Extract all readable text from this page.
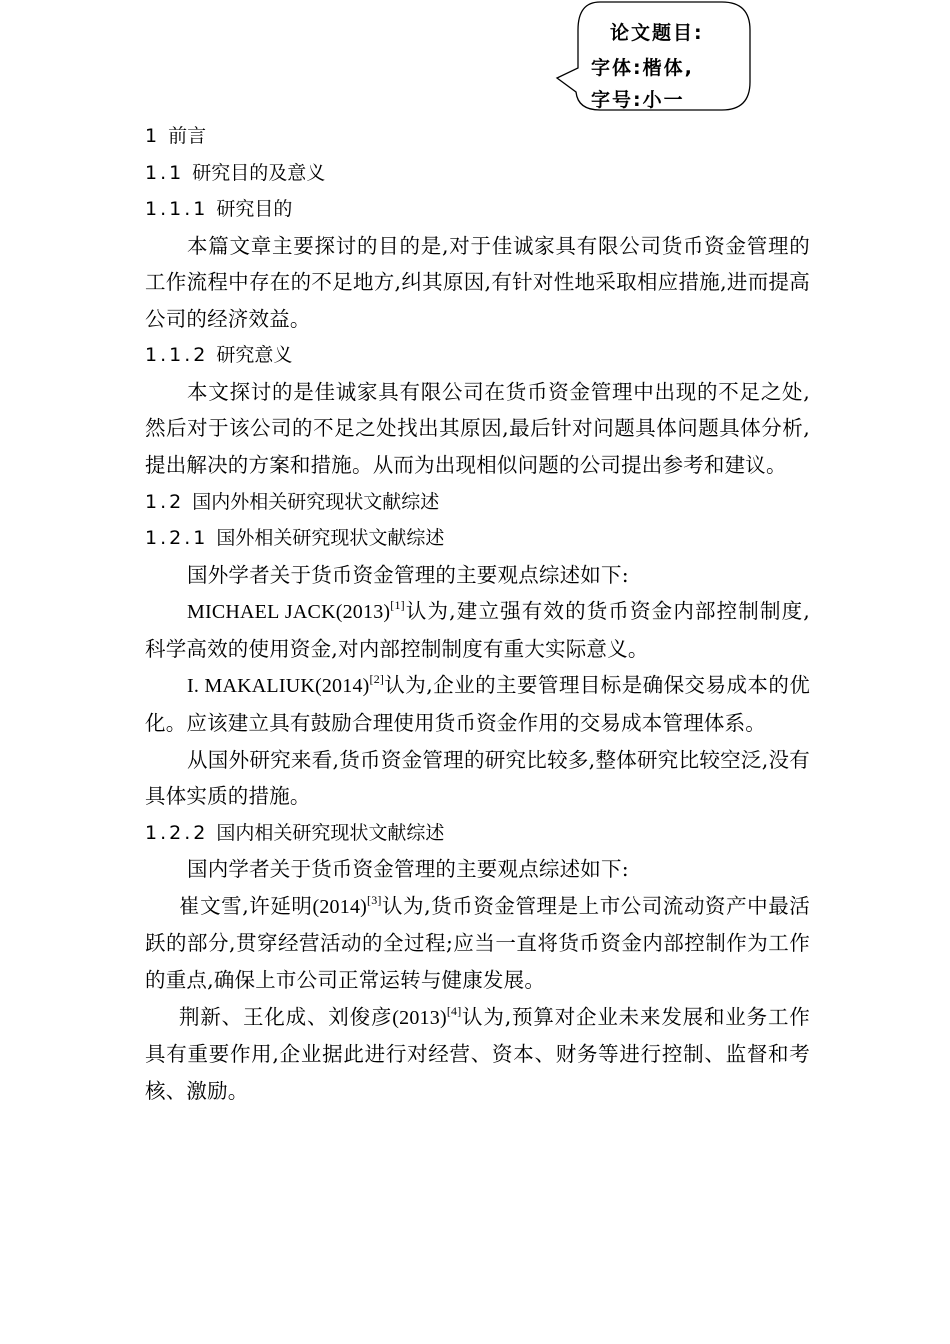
论文题目:
字体:楷体,
字号:小一
1 前言
1.1 研究目的及意义
1.1.1 研究目的
本篇文章主要探讨的目的是,对于佳诚家具有限公司货币资金管理的工作流程中存在的不足地方,纠其原因,有针对性地采取相应措施,进而提高公司的经济效益。
1.1.2 研究意义
本文探讨的是佳诚家具有限公司在货币资金管理中出现的不足之处,然后对于该公司的不足之处找出其原因,最后针对问题具体问题具体分析,提出解决的方案和措施。从而为出现相似问题的公司提出参考和建议。
1.2 国内外相关研究现状文献综述
1.2.1 国外相关研究现状文献综述
国外学者关于货币资金管理的主要观点综述如下:
MICHAEL JACK(2013)[1]认为,建立强有效的货币资金内部控制制度,科学高效的使用资金,对内部控制制度有重大实际意义。
I. MAKALIUK(2014)[2]认为,企业的主要管理目标是确保交易成本的优化。应该建立具有鼓励合理使用货币资金作用的交易成本管理体系。
从国外研究来看,货币资金管理的研究比较多,整体研究比较空泛,没有具体实质的措施。
1.2.2 国内相关研究现状文献综述
国内学者关于货币资金管理的主要观点综述如下:
崔文雪,许延明(2014)[3]认为,货币资金管理是上市公司流动资产中最活跃的部分,贯穿经营活动的全过程;应当一直将货币资金内部控制作为工作的重点,确保上市公司正常运转与健康发展。
荆新、王化成、刘俊彦(2013)[4]认为,预算对企业未来发展和业务工作具有重要作用,企业据此进行对经营、资本、财务等进行控制、监督和考核、激励。
